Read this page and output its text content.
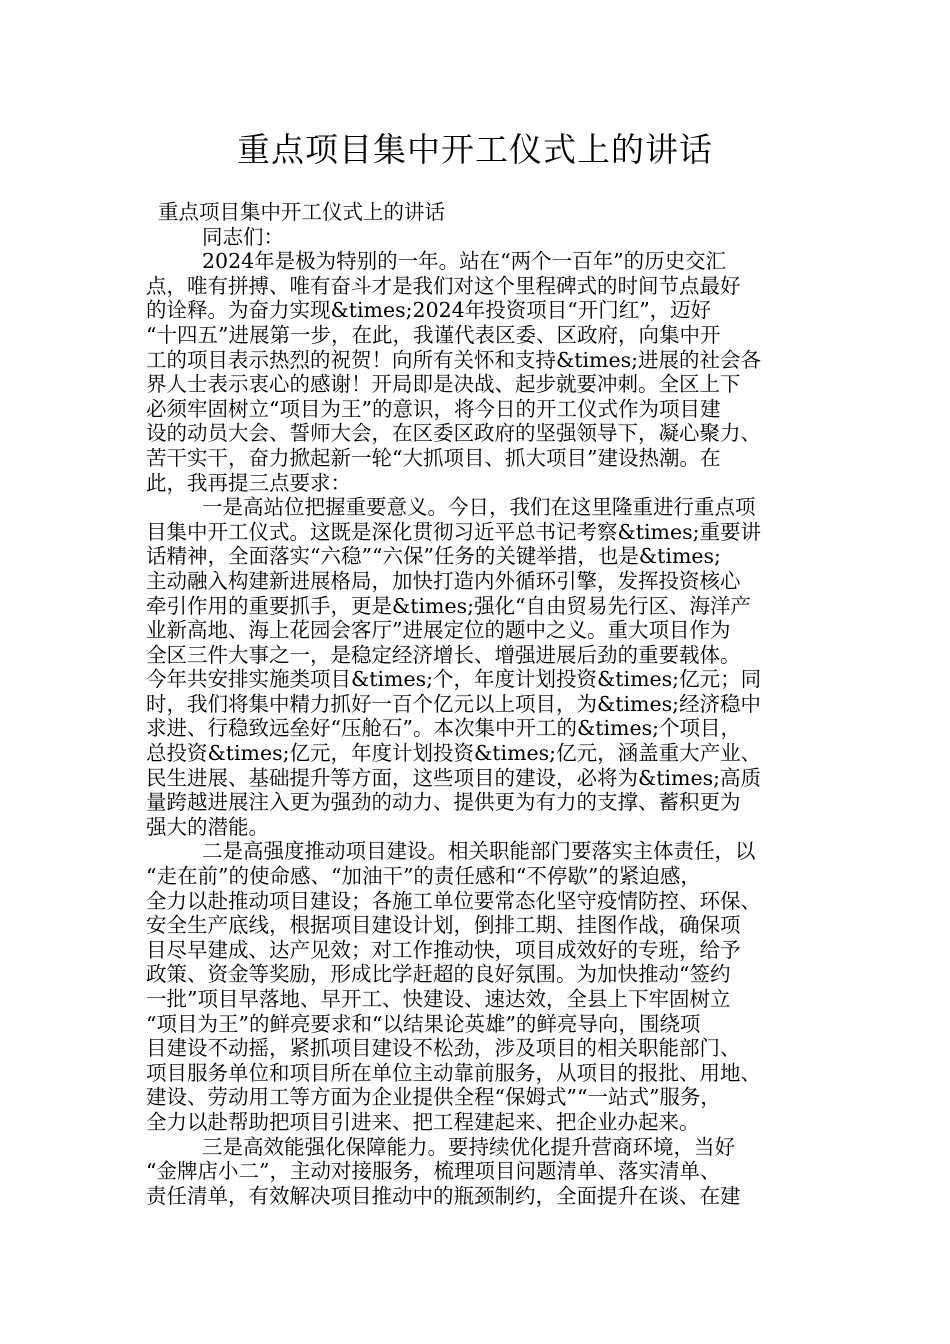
重点项目集中开工仪式上的讲话
重点项目集中开工仪式上的讲话
同志们：
2024年是极为特别的一年。站在“两个一百年”的历史交汇
点，唯有拼搏、唯有奋斗才是我们对这个里程碑式的时间节点最好
的诠释。为奋力实现&times;2024年投资项目“开门红”，迈好
“十四五”进展第一步，在此，我谨代表区委、区政府，向集中开
工的项目表示热烈的祝贺！向所有关怀和支持&times;进展的社会各
界人士表示衷心的感谢！开局即是决战、起步就要冲刺。全区上下
必须牢固树立“项目为王”的意识，将今日的开工仪式作为项目建
设的动员大会、誓师大会，在区委区政府的坚强领导下，凝心聚力、
苦干实干，奋力掀起新一轮“大抓项目、抓大项目”建设热潮。在
此，我再提三点要求：
一是高站位把握重要意义。今日，我们在这里隆重进行重点项
目集中开工仪式。这既是深化贯彻习近平总书记考察&times;重要讲
话精神，全面落实“六稳”“六保”任务的关键举措，也是&times;
主动融入构建新进展格局，加快打造内外循环引擎，发挥投资核心
牵引作用的重要抓手，更是&times;强化“自由贸易先行区、海洋产
业新高地、海上花园会客厅”进展定位的题中之义。重大项目作为
全区三件大事之一，是稳定经济增长、增强进展后劲的重要载体。
今年共安排实施类项目&times;个，年度计划投资&times;亿元；同
时，我们将集中精力抓好一百个亿元以上项目，为&times;经济稳中
求进、行稳致远垒好“压舱石”。本次集中开工的&times;个项目，
总投资&times;亿元，年度计划投资&times;亿元，涵盖重大产业、
民生进展、基础提升等方面，这些项目的建设，必将为&times;高质
量跨越进展注入更为强劲的动力、提供更为有力的支撑、蓄积更为
强大的潜能。
二是高强度推动项目建设。相关职能部门要落实主体责任，以
“走在前”的使命感、“加油干”的责任感和“不停歇”的紧迫感，
全力以赴推动项目建设；各施工单位要常态化坚守疫情防控、环保、
安全生产底线，根据项目建设计划，倒排工期、挂图作战，确保项
目尽早建成、达产见效；对工作推动快，项目成效好的专班，给予
政策、资金等奖励，形成比学赶超的良好氛围。为加快推动“签约
一批”项目早落地、早开工、快建设、速达效，全县上下牢固树立
“项目为王”的鲜亮要求和“以结果论英雄”的鲜亮导向，围绕项
目建设不动摇，紧抓项目建设不松劲，涉及项目的相关职能部门、
项目服务单位和项目所在单位主动靠前服务，从项目的报批、用地、
建设、劳动用工等方面为企业提供全程“保姆式”“一站式”服务，
全力以赴帮助把项目引进来、把工程建起来、把企业办起来。
三是高效能强化保障能力。要持续优化提升营商环境，当好
“金牌店小二”，主动对接服务，梳理项目问题清单、落实清单、
责任清单，有效解决项目推动中的瓶颈制约，全面提升在谈、在建
